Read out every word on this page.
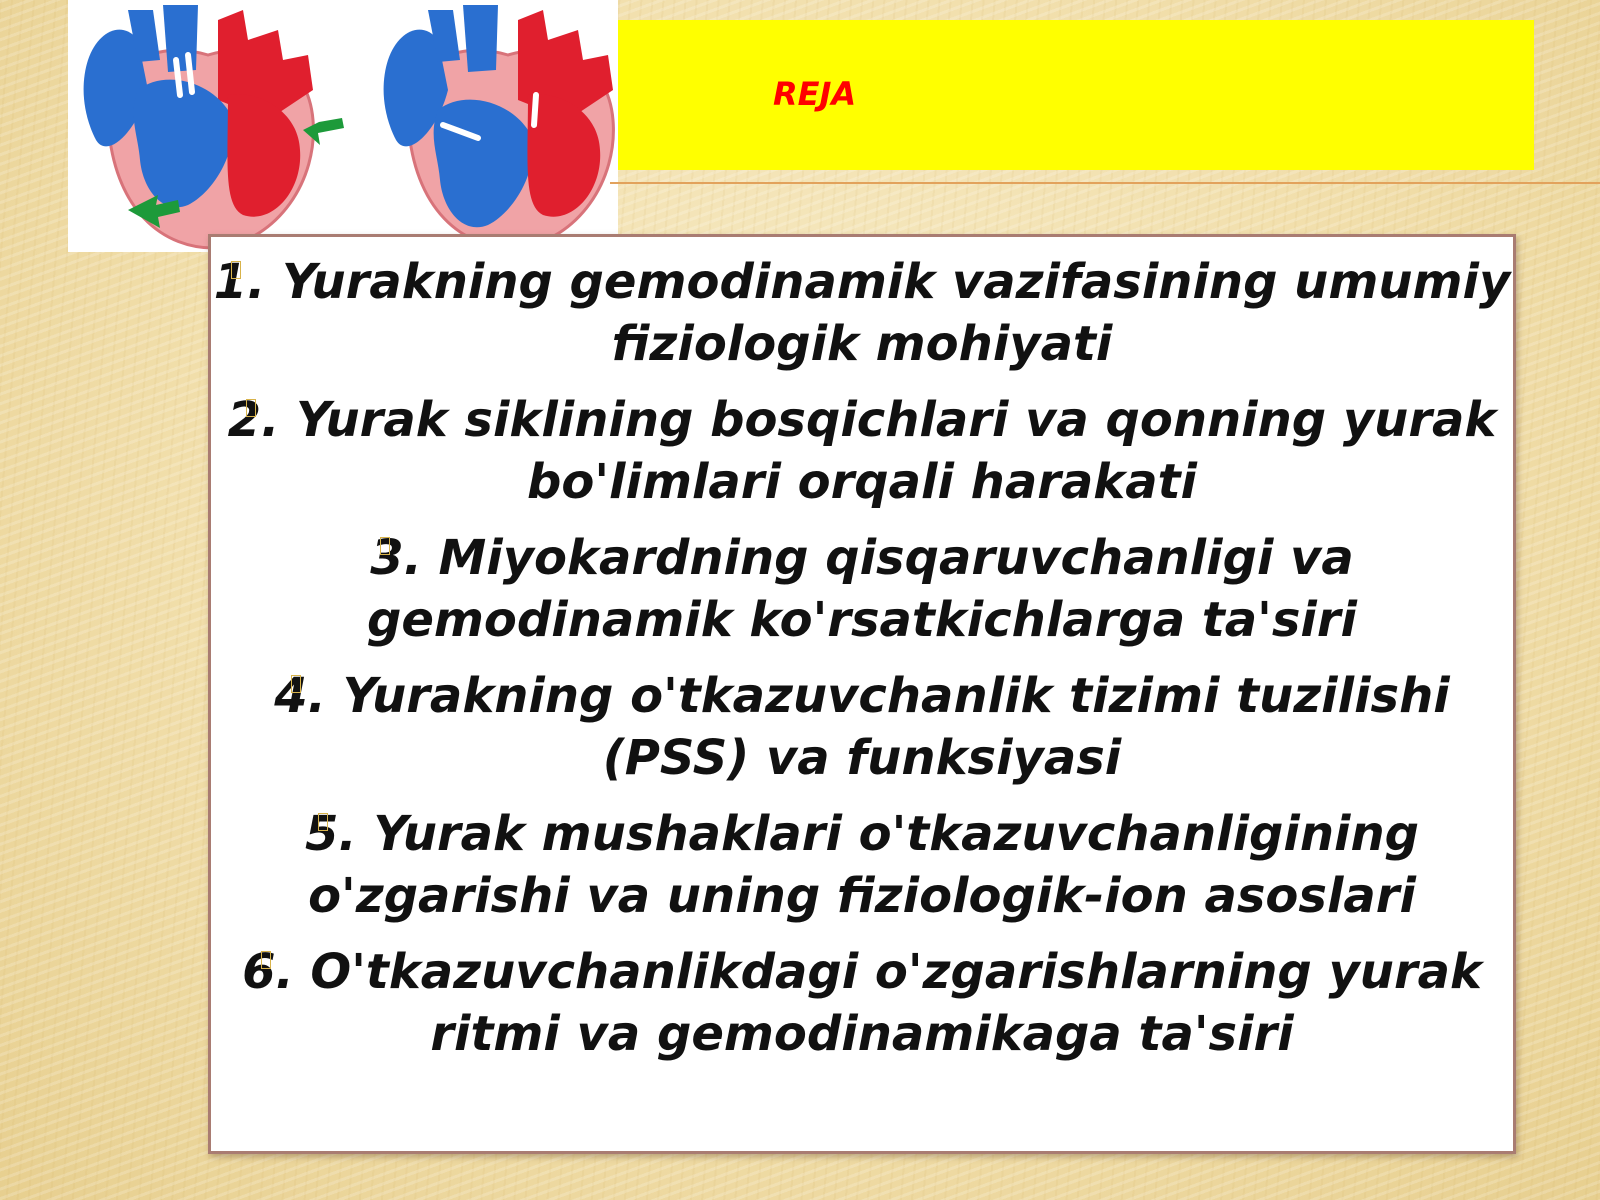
REJA
1. Yurakning gemodinamik vazifasining umumiy
fiziologik mohiyati
2. Yurak siklining bosqichlari va qonning yurak
bo'limlari orqali harakati
3. Miyokardning qisqaruvchanligi va
gemodinamik ko'rsatkichlarga ta'siri
4. Yurakning o'tkazuvchanlik tizimi tuzilishi
(PSS) va funksiyasi
5. Yurak mushaklari o'tkazuvchanligining
o'zgarishi va uning fiziologik-ion asoslari
6. O'tkazuvchanlikdagi o'zgarishlarning yurak
ritmi va gemodinamikaga ta'siri
